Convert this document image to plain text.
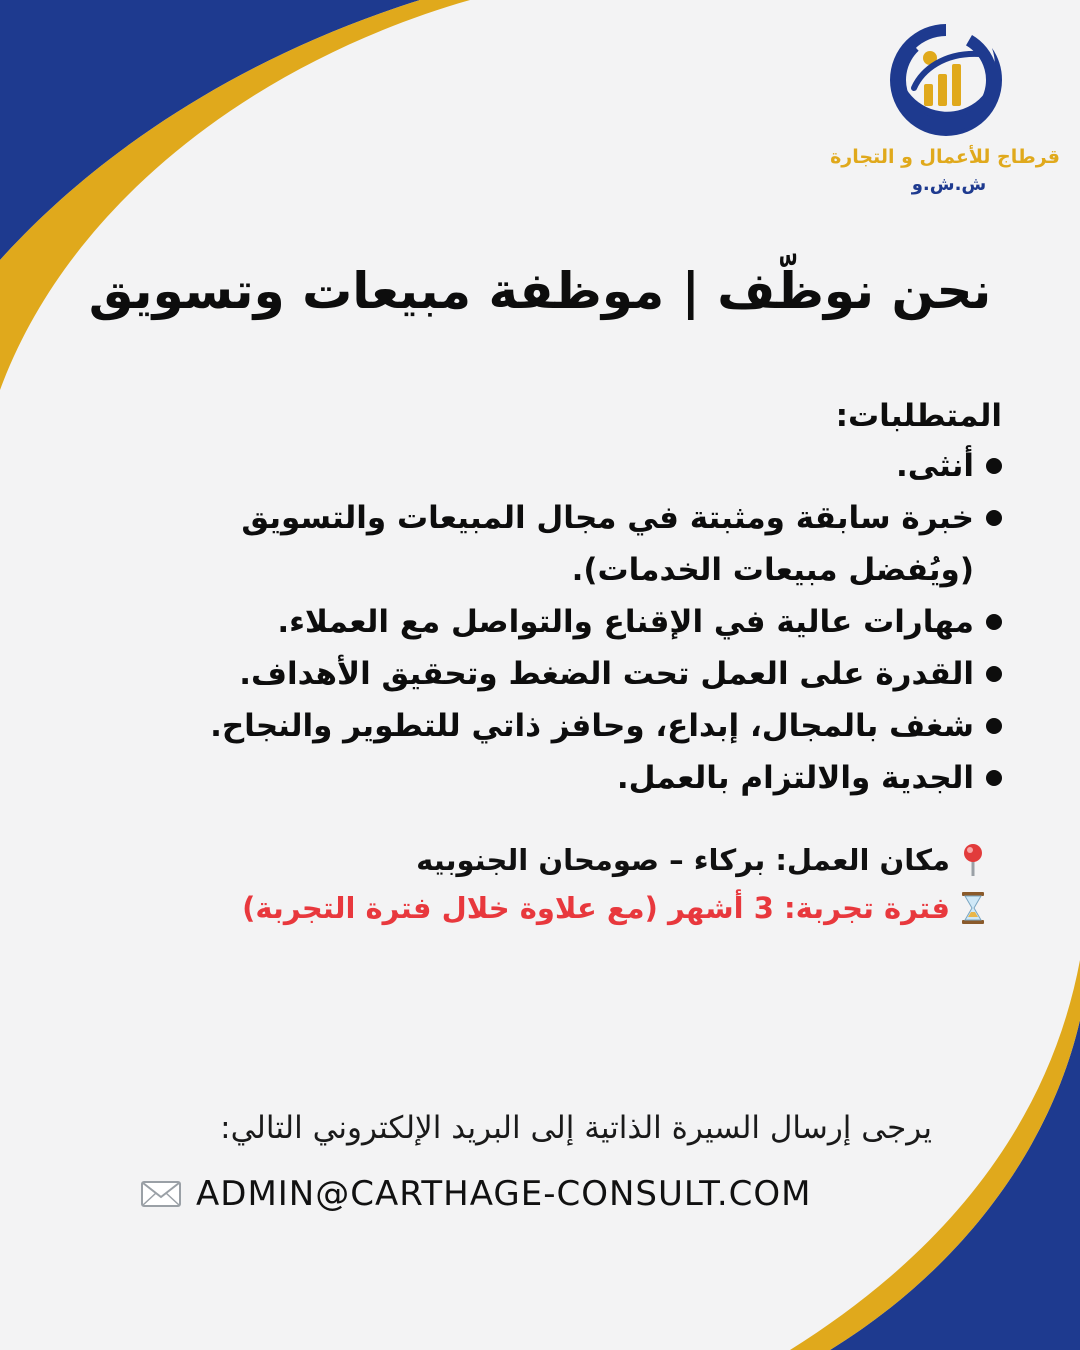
قرطاج للأعمال و التجارة
ش.ش.و
نحن نوظّف | موظفة مبيعات وتسويق
المتطلبات:
أنثى.
خبرة سابقة ومثبتة في مجال المبيعات والتسويق (ويُفضل مبيعات الخدمات).
مهارات عالية في الإقناع والتواصل مع العملاء.
القدرة على العمل تحت الضغط وتحقيق الأهداف.
شغف بالمجال، إبداع، وحافز ذاتي للتطوير والنجاح.
الجدية والالتزام بالعمل.
مكان العمل: بركاء – صومحان الجنوبيه
فترة تجربة: 3 أشهر (مع علاوة خلال فترة التجربة)
يرجى إرسال السيرة الذاتية إلى البريد الإلكتروني التالي:
ADMIN@CARTHAGE-CONSULT.COM
